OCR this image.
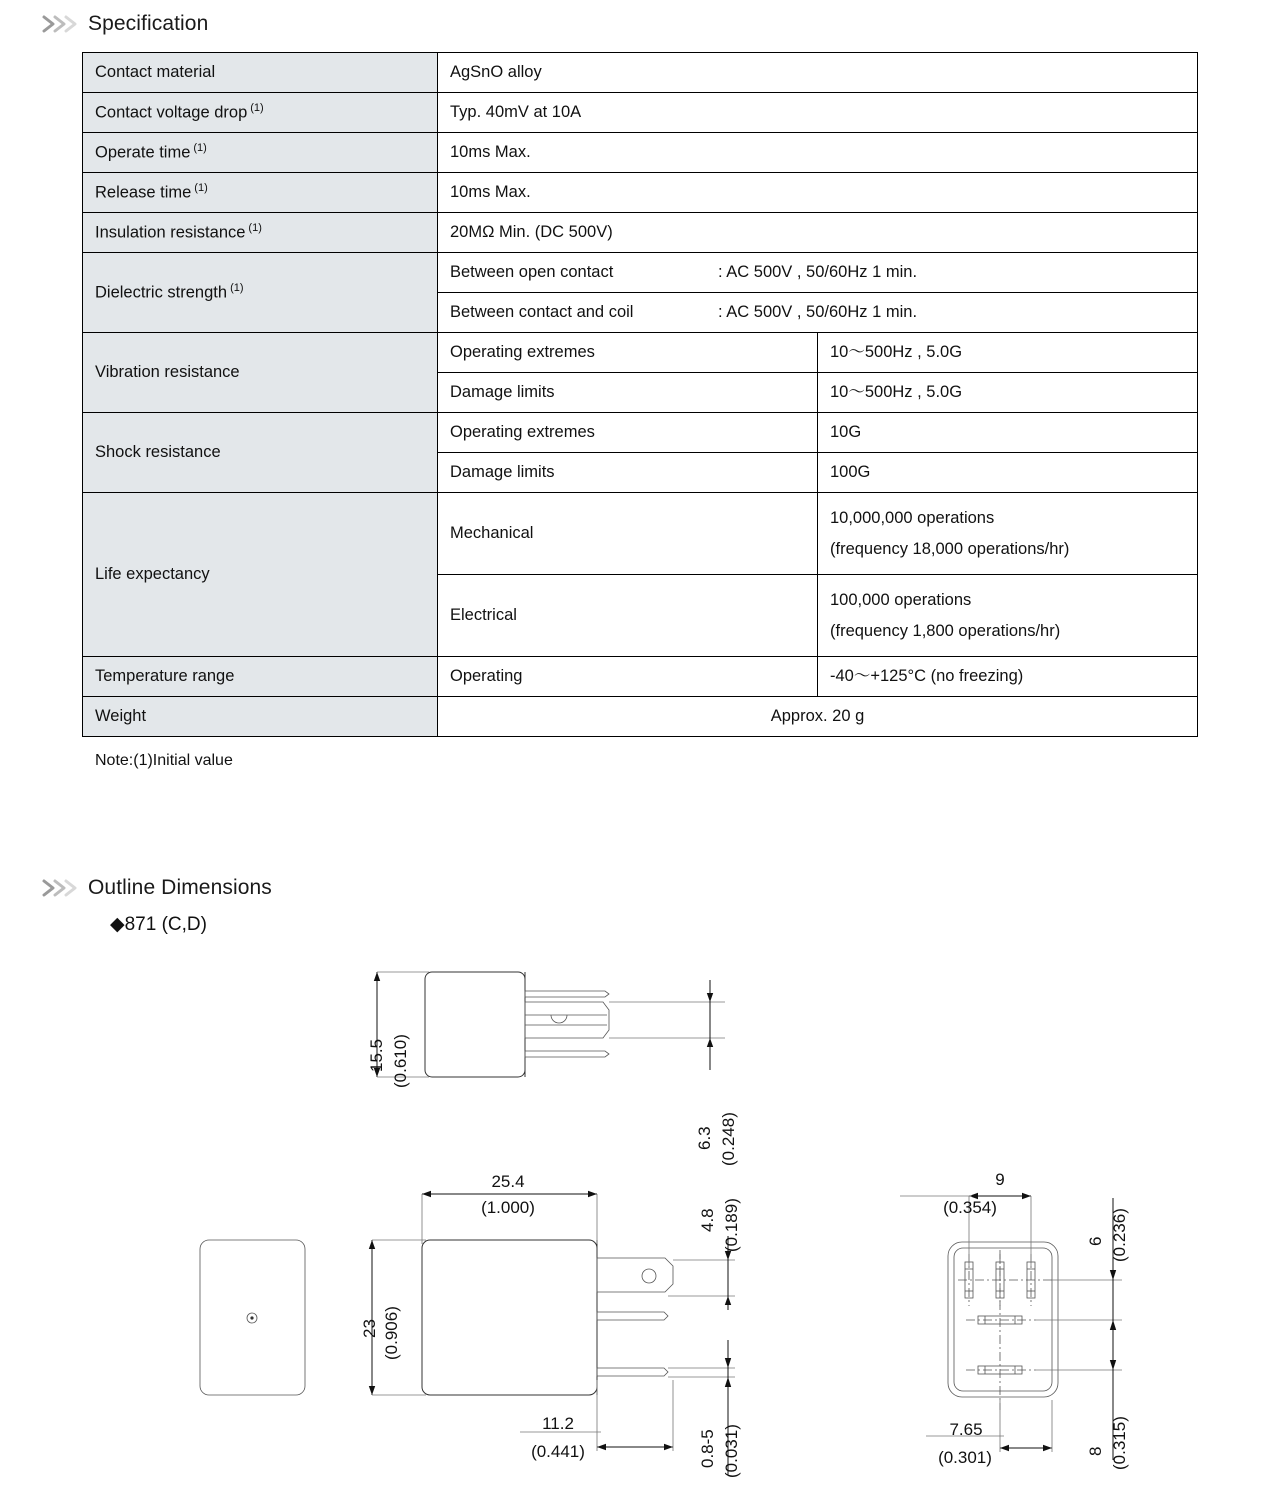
Specification
Contact material	AgSnO alloy	
Contact voltage drop $^{(1)}$	Typ. 40mV at 10A	
Operate time $^{(1)}$	10ms Max.	
Release time $^{(1)}$	10ms Max.	
Insulation resistance $^{(1)}$	20MΩ Min. (DC 500V)	
Dielectric strength $^{(1)}$	Between open contact : AC 500V , 50/60Hz 1 min.	

	Between contact and coil : AC 500V , 50/60Hz 1 min.	

Vibration resistance	Operating extremes	10～500Hz , 5.0G
	Damage limits	10～500Hz , 5.0G
Shock resistance	Operating extremes	10G
	Damage limits	100G
Life expectancy	Mechanical	10,000,000 operations
(frequency 18,000 operations/hr)

	Electrical	100,000 operations
(frequency 1,800 operations/hr)

Temperature range	Operating	-40～+125°C (no freezing)
Weight	Approx. 20 g	
Note:(1)Initial value
Outline Dimensions
◆871 (C,D)
15.5 (0.610)
6.3 (0.248)
25.4
(1.000)
23 (0.906)
11.2
(0.441)
4.8 (0.189)
0.8-5 (0.031)
9
(0.354)
7.65
(0.301)
6 (0.236)
8 (0.315)
